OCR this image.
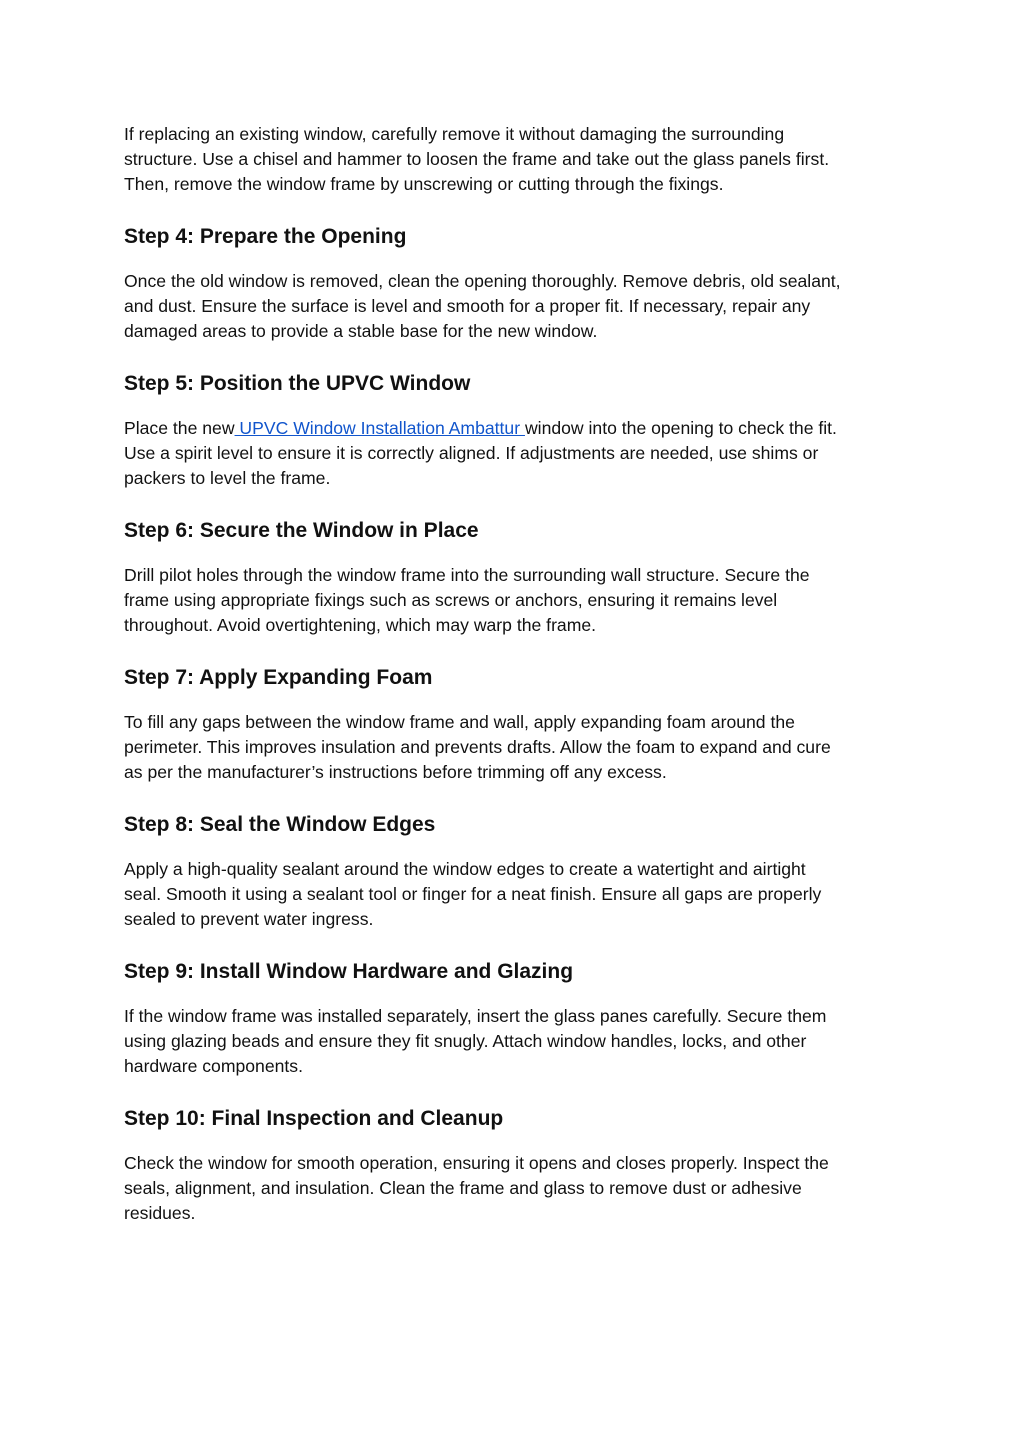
If replacing an existing window, carefully remove it without damaging the surrounding

structure. Use a chisel and hammer to loosen the frame and take out the glass panels first.

Then, remove the window frame by unscrewing or cutting through the fixings.

Step 4: Prepare the Opening

Once the old window is removed, clean the opening thoroughly. Remove debris, old sealant,

and dust. Ensure the surface is level and smooth for a proper fit. If necessary, repair any

damaged areas to provide a stable base for the new window.

Step 5: Position the UPVC Window

Place the new UPVC Window Installation Ambattur window into the opening to check the fit.

Use a spirit level to ensure it is correctly aligned. If adjustments are needed, use shims or

packers to level the frame.

Step 6: Secure the Window in Place

Drill pilot holes through the window frame into the surrounding wall structure. Secure the

frame using appropriate fixings such as screws or anchors, ensuring it remains level

throughout. Avoid overtightening, which may warp the frame.

Step 7: Apply Expanding Foam

To fill any gaps between the window frame and wall, apply expanding foam around the

perimeter. This improves insulation and prevents drafts. Allow the foam to expand and cure

as per the manufacturer’s instructions before trimming off any excess.

Step 8: Seal the Window Edges

Apply a high-quality sealant around the window edges to create a watertight and airtight

seal. Smooth it using a sealant tool or finger for a neat finish. Ensure all gaps are properly

sealed to prevent water ingress.

Step 9: Install Window Hardware and Glazing

If the window frame was installed separately, insert the glass panes carefully. Secure them

using glazing beads and ensure they fit snugly. Attach window handles, locks, and other

hardware components.

Step 10: Final Inspection and Cleanup

Check the window for smooth operation, ensuring it opens and closes properly. Inspect the

seals, alignment, and insulation. Clean the frame and glass to remove dust or adhesive

residues.
